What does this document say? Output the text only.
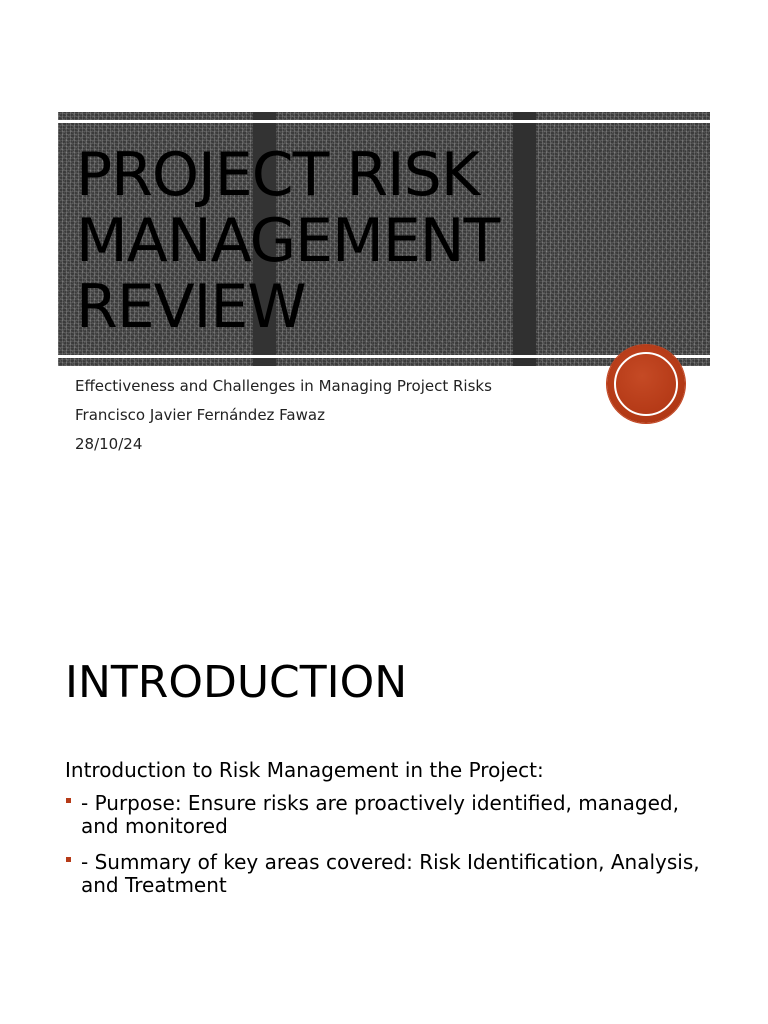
PROJECT RISK MANAGEMENT REVIEW
Effectiveness and Challenges in Managing Project Risks
Francisco Javier Fernández Fawaz
28/10/24
INTRODUCTION
Introduction to Risk Management in the Project:
- Purpose: Ensure risks are proactively identified, managed, and monitored
- Summary of key areas covered: Risk Identification, Analysis, and Treatment
